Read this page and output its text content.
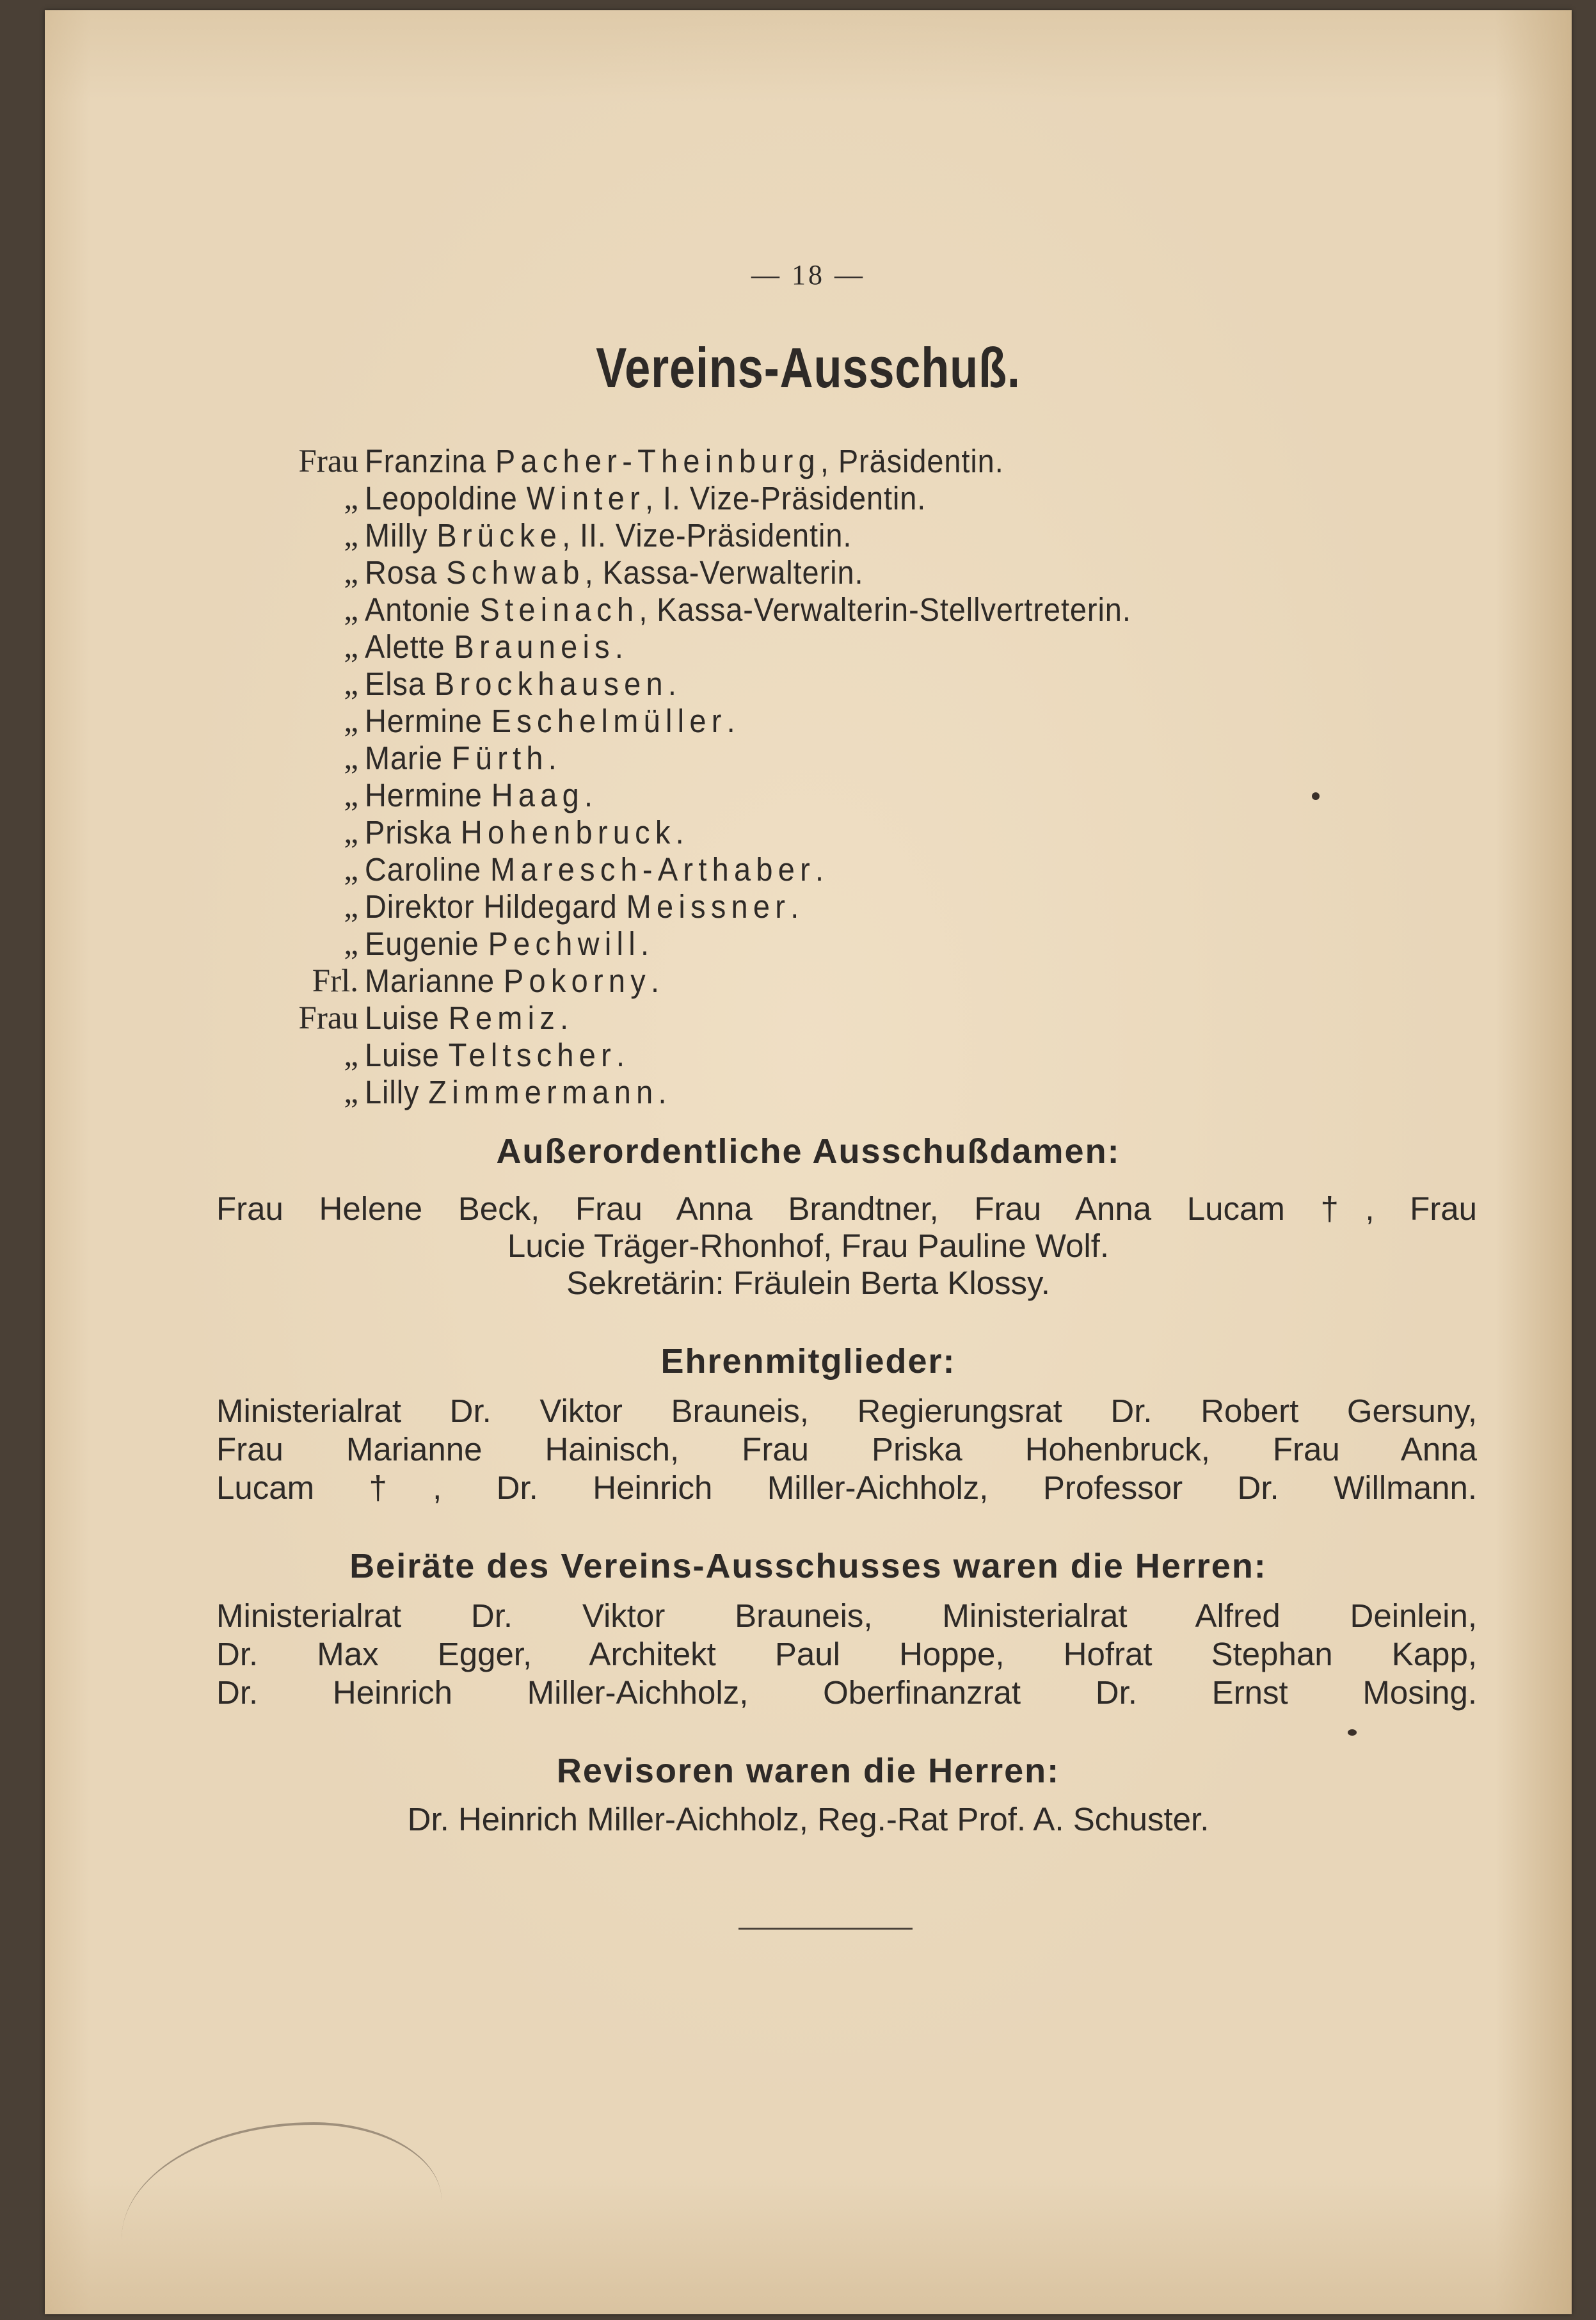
— 18 —
Vereins-Ausschuß.
Frau Franzina Pacher-Theinburg, Präsidentin.
„ Leopoldine Winter, I. Vize-Präsidentin.
„ Milly Brücke, II. Vize-Präsidentin.
„ Rosa Schwab, Kassa-Verwalterin.
„ Antonie Steinach, Kassa-Verwalterin-Stellvertreterin.
„ Alette Brauneis.
„ Elsa Brockhausen.
„ Hermine Eschelmüller.
„ Marie Fürth.
„ Hermine Haag.
„ Priska Hohenbruck.
„ Caroline Maresch-Arthaber.
„ Direktor Hildegard Meissner.
„ Eugenie Pechwill.
Frl. Marianne Pokorny.
Frau Luise Remiz.
„ Luise Teltscher.
„ Lilly Zimmermann.
Außerordentliche Ausschußdamen:
Frau Helene Beck, Frau Anna Brandtner, Frau Anna Lucam †, Frau
Lucie Träger-Rhonhof, Frau Pauline Wolf.
Sekretärin: Fräulein Berta Klossy.
Ehrenmitglieder:
Ministerialrat Dr. Viktor Brauneis, Regierungsrat Dr. Robert Gersuny,
Frau Marianne Hainisch, Frau Priska Hohenbruck, Frau Anna
Lucam †, Dr. Heinrich Miller-Aichholz, Professor Dr. Willmann.
Beiräte des Vereins-Ausschusses waren die Herren:
Ministerialrat Dr. Viktor Brauneis, Ministerialrat Alfred Deinlein,
Dr. Max Egger, Architekt Paul Hoppe, Hofrat Stephan Kapp,
Dr. Heinrich Miller-Aichholz, Oberfinanzrat Dr. Ernst Mosing.
Revisoren waren die Herren:
Dr. Heinrich Miller-Aichholz, Reg.-Rat Prof. A. Schuster.
